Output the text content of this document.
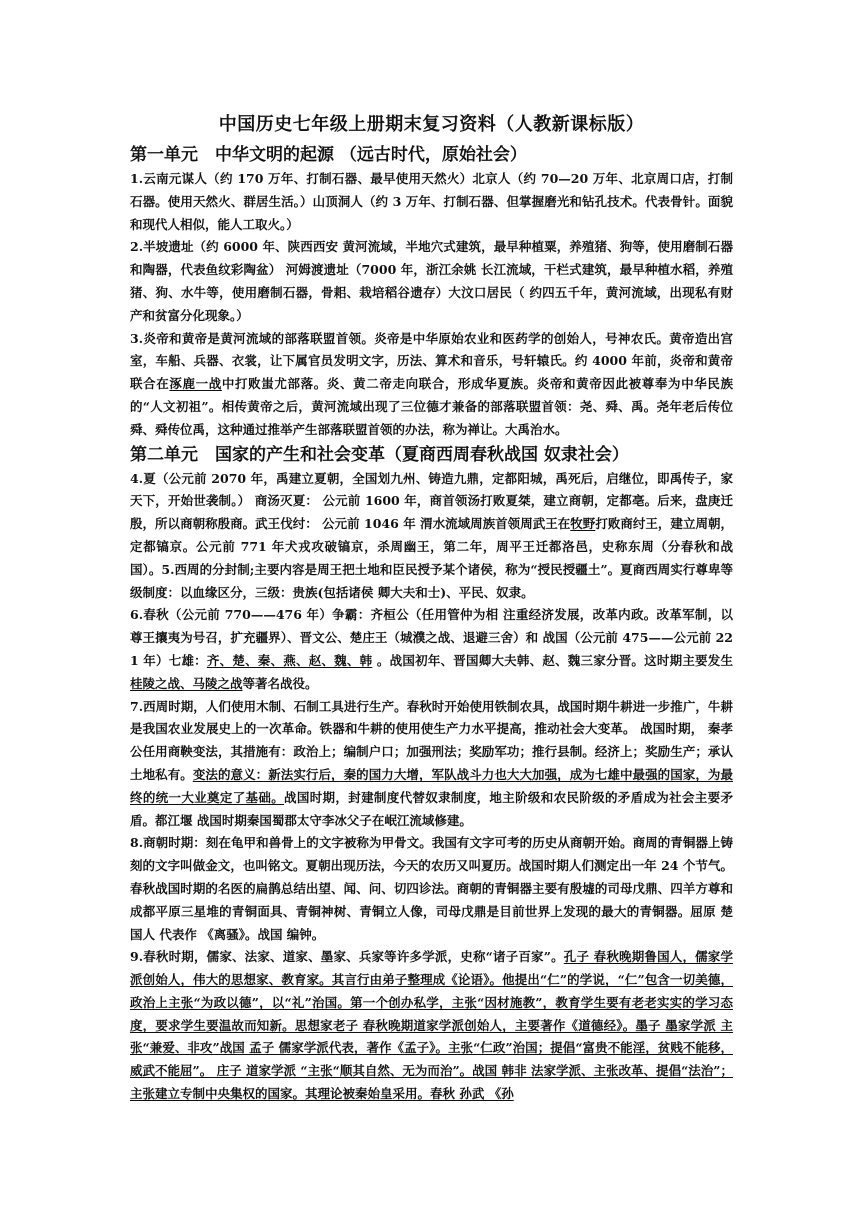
中国历史七年级上册期末复习资料（人教新课标版）
第一单元　中华文明的起源 （远古时代，原始社会）

1.云南元谋人（约 170 万年、打制石器、最早使用天然火）北京人（约 70—20 万年、北京周口店，打制石器。使用天然火、群居生活。）山顶洞人（约 3 万年、打制石器、但掌握磨光和钻孔技术。代表骨针。面貌和现代人相似，能人工取火。）

2.半坡遗址（约 6000 年、陕西西安 黄河流域，半地穴式建筑，最早种植粟，养殖猪、狗等，使用磨制石器和陶器，代表鱼纹彩陶盆） 河姆渡遗址（7000 年，浙江余姚 长江流域，干栏式建筑，最早种植水稻，养殖猪、狗、水牛等，使用磨制石器，骨耜、栽培稻谷遗存）大汶口居民（ 约四五千年，黄河流域，出现私有财产和贫富分化现象。）

3.炎帝和黄帝是黄河流域的部落联盟首领。炎帝是中华原始农业和医药学的创始人，号神农氏。黄帝造出宫室，车船、兵器、衣裳，让下属官员发明文字，历法、算术和音乐，号轩辕氏。约 4000 年前，炎帝和黄帝联合在涿鹿一战中打败蚩尤部落。炎、黄二帝走向联合，形成华夏族。炎帝和黄帝因此被尊奉为中华民族的“人文初祖”。相传黄帝之后，黄河流域出现了三位德才兼备的部落联盟首领：尧、舜、禹。尧年老后传位舜、舜传位禹，这种通过推举产生部落联盟首领的办法，称为禅让。大禹治水。

第二单元　国家的产生和社会变革（夏商西周春秋战国 奴隶社会）

4.夏（公元前 2070 年，禹建立夏朝，全国划九州、铸造九鼎，定都阳城，禹死后，启继位，即禹传子，家天下，开始世袭制。） 商汤灭夏： 公元前 1600 年，商首领汤打败夏桀，建立商朝，定都亳。后来，盘庚迁殷，所以商朝称殷商。武王伐纣： 公元前 1046 年 渭水流域周族首领周武王在牧野打败商纣王，建立周朝，定都镐京。公元前 771 年犬戎攻破镐京，杀周幽王，第二年，周平王迁都洛邑，史称东周（分春秋和战国）。5.西周的分封制;主要内容是周王把土地和臣民授予某个诸侯，称为“授民授疆土”。夏商西周实行尊卑等级制度：以血缘区分，三级：贵族(包括诸侯 卿大夫和士)、平民、奴隶。

6.春秋（公元前 770——476 年）争霸：齐桓公（任用管仲为相 注重经济发展，改革内政。改革军制，以尊王攘夷为号召，扩充疆界）、晋文公、楚庄王（城濮之战、退避三舍）和 战国（公元前 475——公元前 221 年）七雄：齐、楚、秦、燕、赵、魏、韩 。战国初年、晋国卿大夫韩、赵、魏三家分晋。这时期主要发生桂陵之战、马陵之战等著名战役。

7.西周时期，人们使用木制、石制工具进行生产。春秋时开始使用铁制农具，战国时期牛耕进一步推广，牛耕是我国农业发展史上的一次革命。铁器和牛耕的使用使生产力水平提高，推动社会大变革。 战国时期， 秦孝公任用商鞅变法，其措施有：政治上；编制户口；加强刑法；奖励军功；推行县制。经济上；奖励生产；承认土地私有。变法的意义：新法实行后，秦的国力大增，军队战斗力也大大加强，成为七雄中最强的国家，为最终的统一大业奠定了基础。战国时期，封建制度代替奴隶制度，地主阶级和农民阶级的矛盾成为社会主要矛盾。都江堰 战国时期秦国蜀郡太守李冰父子在岷江流域修建。

8.商朝时期：刻在龟甲和兽骨上的文字被称为甲骨文。我国有文字可考的历史从商朝开始。商周的青铜器上铸刻的文字叫做金文，也叫铭文。夏朝出现历法，今天的农历又叫夏历。战国时期人们测定出一年 24 个节气。春秋战国时期的名医的扁鹊总结出望、闻、问、切四诊法。商朝的青铜器主要有殷墟的司母戊鼎、四羊方尊和成都平原三星堆的青铜面具、青铜神树、青铜立人像，司母戊鼎是目前世界上发现的最大的青铜器。屈原 楚国人 代表作 《离骚》。战国 编钟。

9.春秋时期，儒家、法家、道家、墨家、兵家等许多学派，史称“诸子百家”。孔子 春秋晚期鲁国人，儒家学派创始人，伟大的思想家、教育家。其言行由弟子整理成《论语》。他提出“仁”的学说，“仁”包含一切美德，政治上主张“为政以德”，以“礼”治国。第一个创办私学，主张“因材施教”，教育学生要有老老实实的学习态度，要求学生要温故而知新。思想家老子 春秋晚期道家学派创始人，主要著作《道德经》。墨子 墨家学派 主张“兼爱、非攻”战国 孟子 儒家学派代表，著作《孟子》。主张“仁政”治国；提倡“富贵不能淫，贫贱不能移，威武不能屈”。 庄子 道家学派 “主张“顺其自然、无为而治”。战国 韩非 法家学派、主张改革、提倡“法治”；主张建立专制中央集权的国家。其理论被秦始皇采用。春秋 孙武 《孙
